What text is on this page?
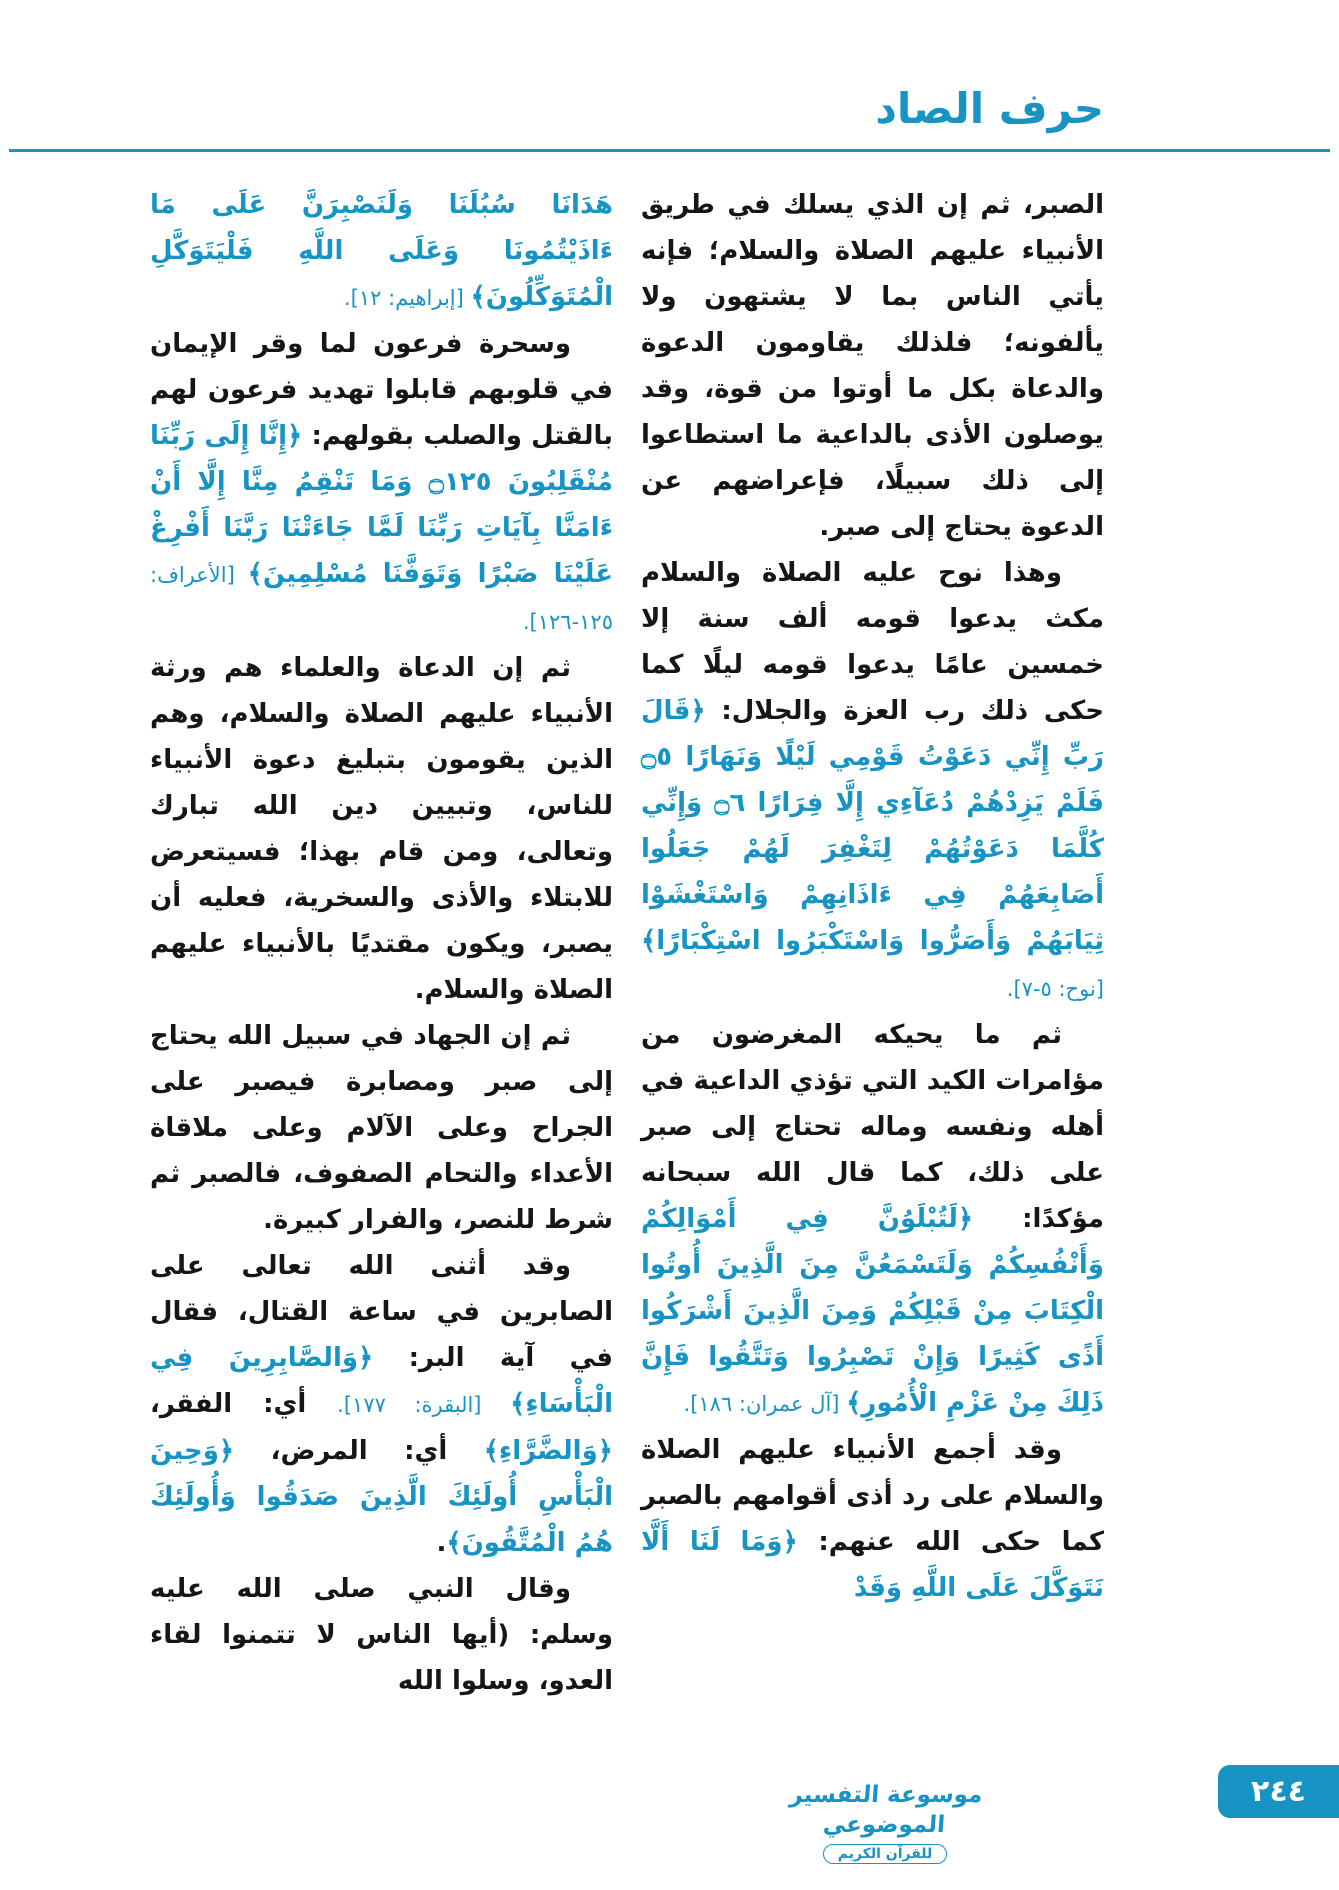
حرف الصاد

الصبر، ثم إن الذي يسلك في طريق الأنبياء عليهم الصلاة والسلام؛ فإنه يأتي الناس بما لا يشتهون ولا يألفونه؛ فلذلك يقاومون الدعوة والدعاة بكل ما أوتوا من قوة، وقد يوصلون الأذى بالداعية ما استطاعوا إلى ذلك سبيلًا، فإعراضهم عن الدعوة يحتاج إلى صبر.

وهذا نوح عليه الصلاة والسلام مكث يدعوا قومه ألف سنة إلا خمسين عامًا يدعوا قومه ليلًا كما حكى ذلك رب العزة والجلال: ﴿قَالَ رَبِّ إِنِّي دَعَوْتُ قَوْمِي لَيْلًا وَنَهَارًا ۝٥ فَلَمْ يَزِدْهُمْ دُعَآءِي إِلَّا فِرَارًا ۝٦ وَإِنِّي كُلَّمَا دَعَوْتُهُمْ لِتَغْفِرَ لَهُمْ جَعَلُوا أَصَابِعَهُمْ فِي ءَاذَانِهِمْ وَاسْتَغْشَوْا ثِيَابَهُمْ وَأَصَرُّوا وَاسْتَكْبَرُوا اسْتِكْبَارًا﴾ [نوح: ٥-٧].

ثم ما يحيكه المغرضون من مؤامرات الكيد التي تؤذي الداعية في أهله ونفسه وماله تحتاج إلى صبر على ذلك، كما قال الله سبحانه مؤكدًا: ﴿لَتُبْلَوُنَّ فِي أَمْوَالِكُمْ وَأَنْفُسِكُمْ وَلَتَسْمَعُنَّ مِنَ الَّذِينَ أُوتُوا الْكِتَابَ مِنْ قَبْلِكُمْ وَمِنَ الَّذِينَ أَشْرَكُوا أَذًى كَثِيرًا وَإِنْ تَصْبِرُوا وَتَتَّقُوا فَإِنَّ ذَلِكَ مِنْ عَزْمِ الْأُمُورِ﴾ [آل عمران: ١٨٦].

وقد أجمع الأنبياء عليهم الصلاة والسلام على رد أذى أقوامهم بالصبر كما حكى الله عنهم: ﴿وَمَا لَنَا أَلَّا نَتَوَكَّلَ عَلَى اللَّهِ وَقَدْ

هَدَانَا سُبُلَنَا وَلَنَصْبِرَنَّ عَلَى مَا ءَاذَيْتُمُونَا وَعَلَى اللَّهِ فَلْيَتَوَكَّلِ الْمُتَوَكِّلُونَ﴾ [إبراهيم: ١٢].

وسحرة فرعون لما وقر الإيمان في قلوبهم قابلوا تهديد فرعون لهم بالقتل والصلب بقولهم: ﴿إِنَّا إِلَى رَبِّنَا مُنْقَلِبُونَ ۝١٢٥ وَمَا تَنْقِمُ مِنَّا إِلَّا أَنْ ءَامَنَّا بِآيَاتِ رَبِّنَا لَمَّا جَاءَتْنَا رَبَّنَا أَفْرِغْ عَلَيْنَا صَبْرًا وَتَوَفَّنَا مُسْلِمِينَ﴾ [الأعراف: ١٢٥-١٢٦].

ثم إن الدعاة والعلماء هم ورثة الأنبياء عليهم الصلاة والسلام، وهم الذين يقومون بتبليغ دعوة الأنبياء للناس، وتبيين دين الله تبارك وتعالى، ومن قام بهذا؛ فسيتعرض للابتلاء والأذى والسخرية، فعليه أن يصبر، ويكون مقتديًا بالأنبياء عليهم الصلاة والسلام.

ثم إن الجهاد في سبيل الله يحتاج إلى صبر ومصابرة فيصبر على الجراح وعلى الآلام وعلى ملاقاة الأعداء والتحام الصفوف، فالصبر ثم شرط للنصر، والفرار كبيرة.

وقد أثنى الله تعالى على الصابرين في ساعة القتال، فقال في آية البر: ﴿وَالصَّابِرِينَ فِي الْبَأْسَاءِ﴾ [البقرة: ١٧٧]. أي: الفقر، ﴿وَالضَّرَّاءِ﴾ أي: المرض، ﴿وَحِينَ الْبَأْسِ أُولَئِكَ الَّذِينَ صَدَقُوا وَأُولَئِكَ هُمُ الْمُتَّقُونَ﴾.

وقال النبي صلى الله عليه وسلم: (أيها الناس لا تتمنوا لقاء العدو، وسلوا الله

موسوعة التفسير الموضوعي
للقرآن الكريم
٢٤٤
